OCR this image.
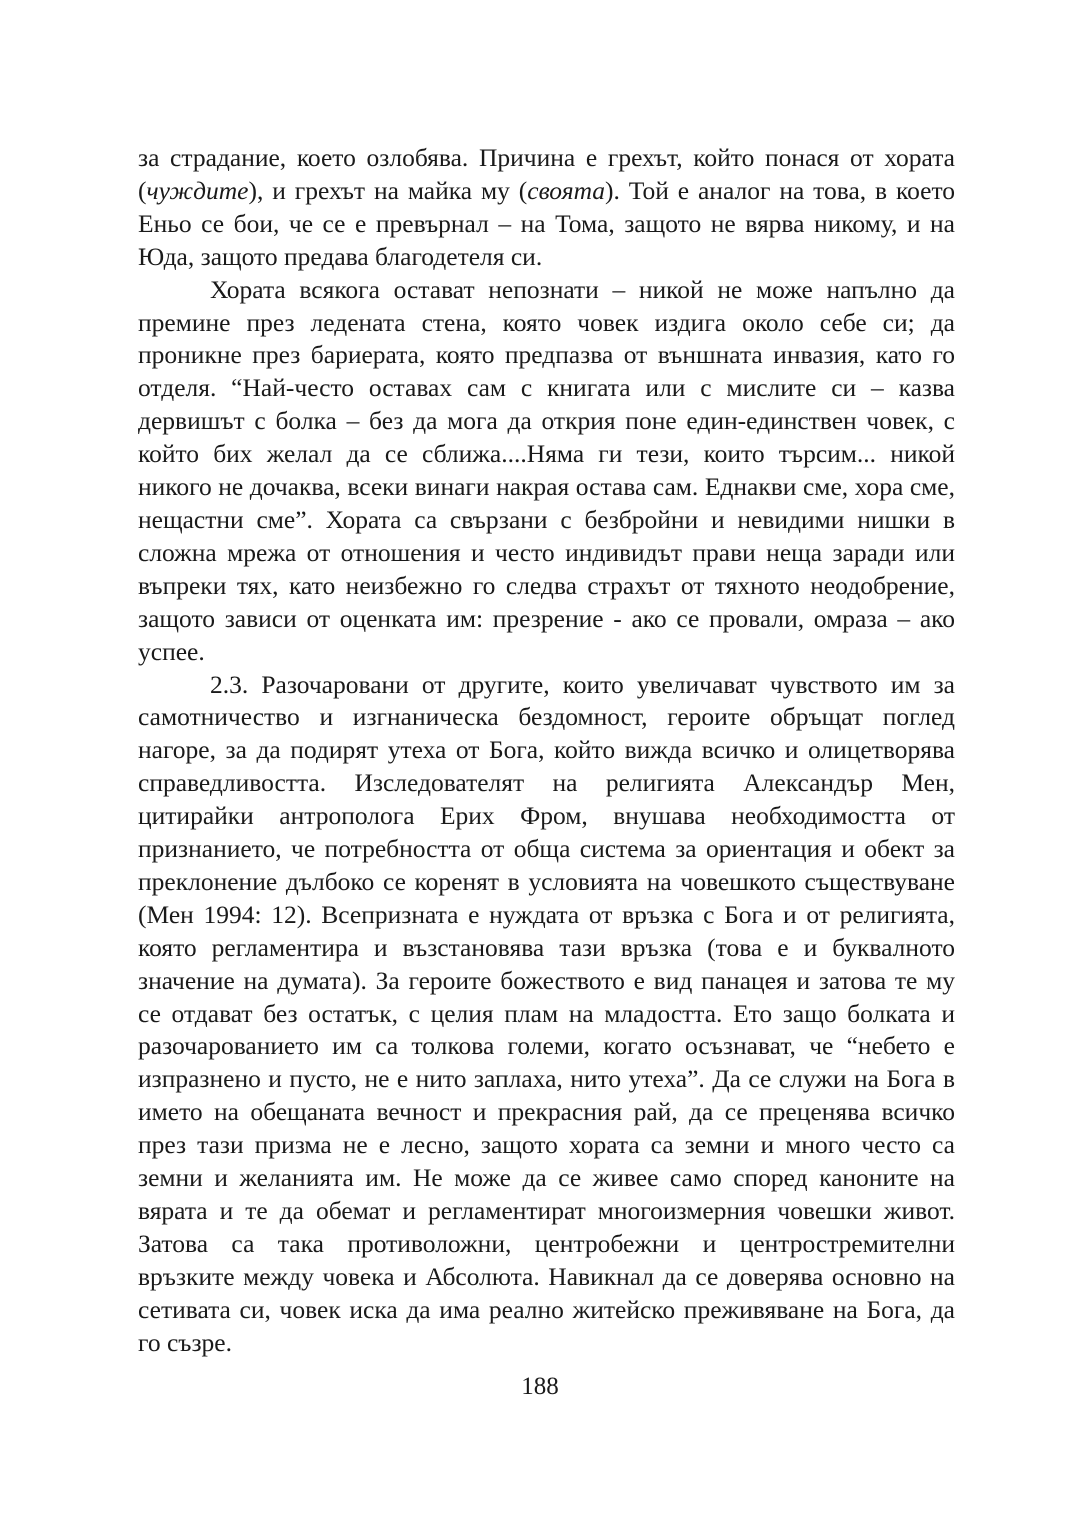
за страдание, което озлобява. Причина е грехът, който понася от хората (чуждите), и грехът на майка му (своята). Той е аналог на това, в което Еньо се бои, че се е превърнал – на Тома, защото не вярва никому, и на Юда, защото предава благодетеля си.

Хората всякога остават непознати – никой не може напълно да премине през ледената стена, която човек издига около себе си; да проникне през бариерата, която предпазва от външната инвазия, като го отделя. “Най-често оставах сам с книгата или с мислите си – казва дервишът с болка – без да мога да открия поне един-единствен човек, с който бих желал да се сближа....Няма ги тези, които търсим... никой никого не дочаква, всеки винаги накрая остава сам. Еднакви сме, хора сме, нещастни сме”. Хората са свързани с безбройни и невидими нишки в сложна мрежа от отношения и често индивидът прави неща заради или въпреки тях, като неизбежно го следва страхът от тяхното неодобрение, защото зависи от оценката им: презрение - ако се провали, омраза – ако успее.

2.3. Разочаровани от другите, които увеличават чувството им за самотничество и изгнаническа бездомност, героите обръщат поглед нагоре, за да подирят утеха от Бога, който вижда всичко и олицетворява справедливостта. Изследователят на религията Александър Мен, цитирайки антрополога Ерих Фром, внушава необходимостта от признанието, че потребността от обща система за ориентация и обект за преклонение дълбоко се коренят в условията на човешкото съществуване (Мен 1994: 12). Всепризната е нуждата от връзка с Бога и от религията, която регламентира и възстановява тази връзка (това е и буквалното значение на думата). За героите божеството е вид панацея и затова те му се отдават без остатък, с целия плам на младостта. Ето защо болката и разочарованието им са толкова големи, когато осъзнават, че “небето е изпразнено и пусто, не е нито заплаха, нито утеха”. Да се служи на Бога в името на обещаната вечност и прекрасния рай, да се преценява всичко през тази призма не е лесно, защото хората са земни и много често са земни и желанията им. Не може да се живее само според каноните на вярата и те да обемат и регламентират многоизмерния човешки живот. Затова са така противоложни, центробежни и центростремителни връзките между човека и Абсолюта. Навикнал да се доверява основно на сетивата си, човек иска да има реално житейско преживяване на Бога, да го съзре.

188
